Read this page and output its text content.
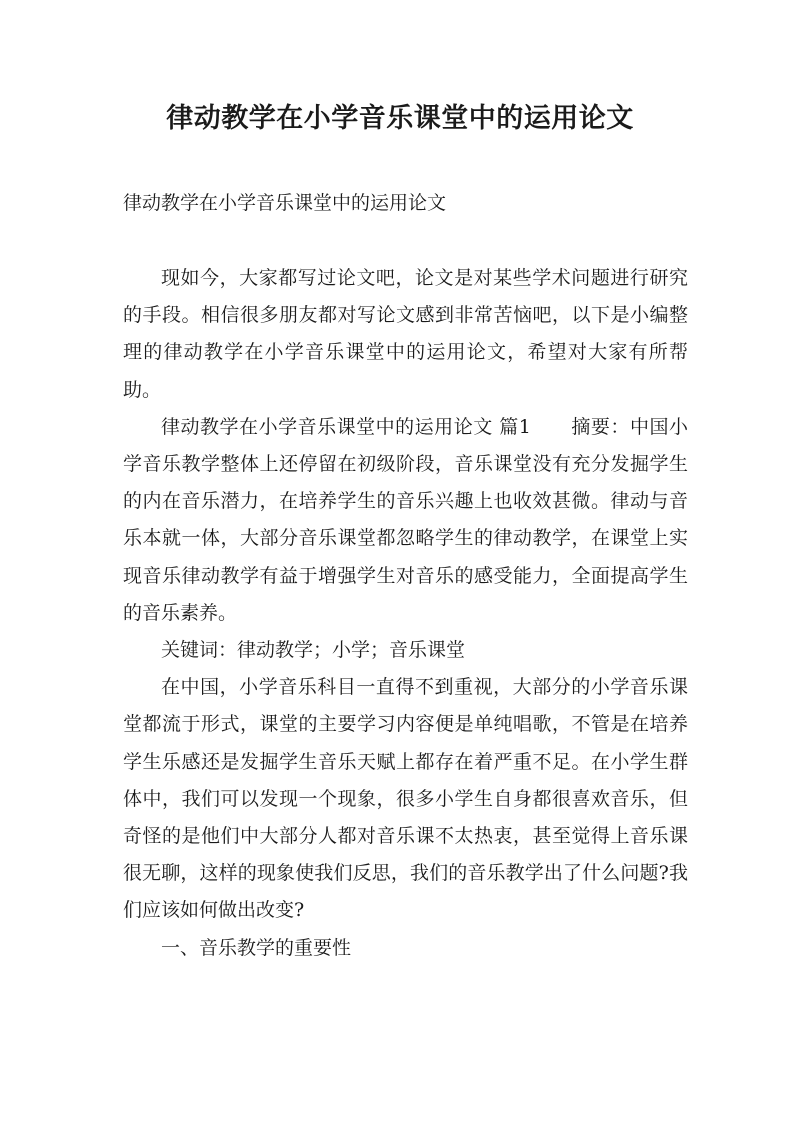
律动教学在小学音乐课堂中的运用论文
律动教学在小学音乐课堂中的运用论文

现如今，大家都写过论文吧，论文是对某些学术问题进行研究的手段。相信很多朋友都对写论文感到非常苦恼吧，以下是小编整理的律动教学在小学音乐课堂中的运用论文，希望对大家有所帮助。

律动教学在小学音乐课堂中的运用论文 篇1 摘要：中国小学音乐教学整体上还停留在初级阶段，音乐课堂没有充分发掘学生的内在音乐潜力，在培养学生的音乐兴趣上也收效甚微。律动与音乐本就一体，大部分音乐课堂都忽略学生的律动教学，在课堂上实现音乐律动教学有益于增强学生对音乐的感受能力，全面提高学生的音乐素养。

关键词：律动教学；小学；音乐课堂

在中国，小学音乐科目一直得不到重视，大部分的小学音乐课堂都流于形式，课堂的主要学习内容便是单纯唱歌，不管是在培养学生乐感还是发掘学生音乐天赋上都存在着严重不足。在小学生群体中，我们可以发现一个现象，很多小学生自身都很喜欢音乐，但奇怪的是他们中大部分人都对音乐课不太热衷，甚至觉得上音乐课很无聊，这样的现象使我们反思，我们的音乐教学出了什么问题?我们应该如何做出改变?

一、音乐教学的重要性
